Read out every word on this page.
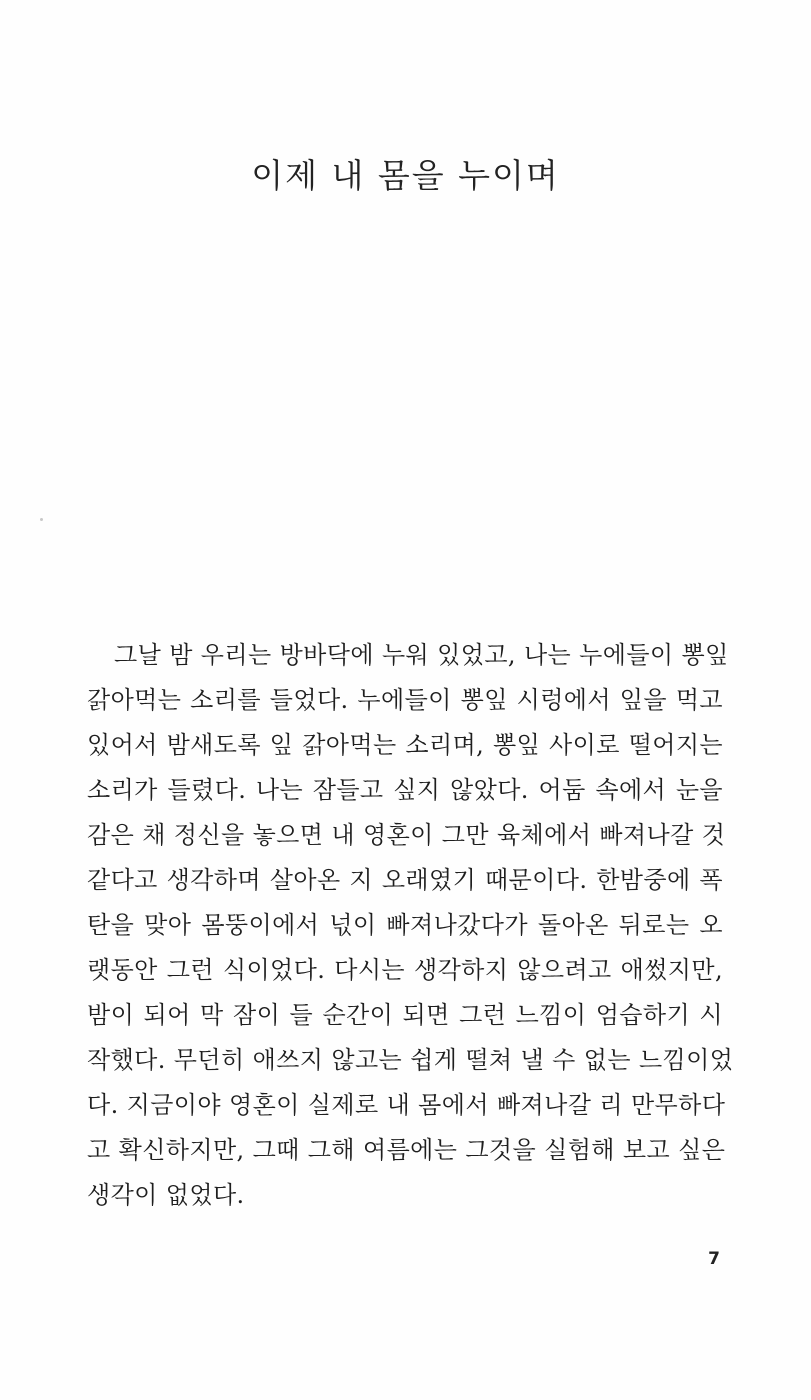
이제 내 몸을 누이며
그날 밤 우리는 방바닥에 누워 있었고, 나는 누에들이 뽕잎
갉아먹는 소리를 들었다. 누에들이 뽕잎 시렁에서 잎을 먹고
있어서 밤새도록 잎 갉아먹는 소리며, 뽕잎 사이로 떨어지는
소리가 들렸다. 나는 잠들고 싶지 않았다. 어둠 속에서 눈을
감은 채 정신을 놓으면 내 영혼이 그만 육체에서 빠져나갈 것
같다고 생각하며 살아온 지 오래였기 때문이다. 한밤중에 폭
탄을 맞아 몸뚱이에서 넋이 빠져나갔다가 돌아온 뒤로는 오
랫동안 그런 식이었다. 다시는 생각하지 않으려고 애썼지만,
밤이 되어 막 잠이 들 순간이 되면 그런 느낌이 엄습하기 시
작했다. 무던히 애쓰지 않고는 쉽게 떨쳐 낼 수 없는 느낌이었
다. 지금이야 영혼이 실제로 내 몸에서 빠져나갈 리 만무하다
고 확신하지만, 그때 그해 여름에는 그것을 실험해 보고 싶은
생각이 없었다.
7
